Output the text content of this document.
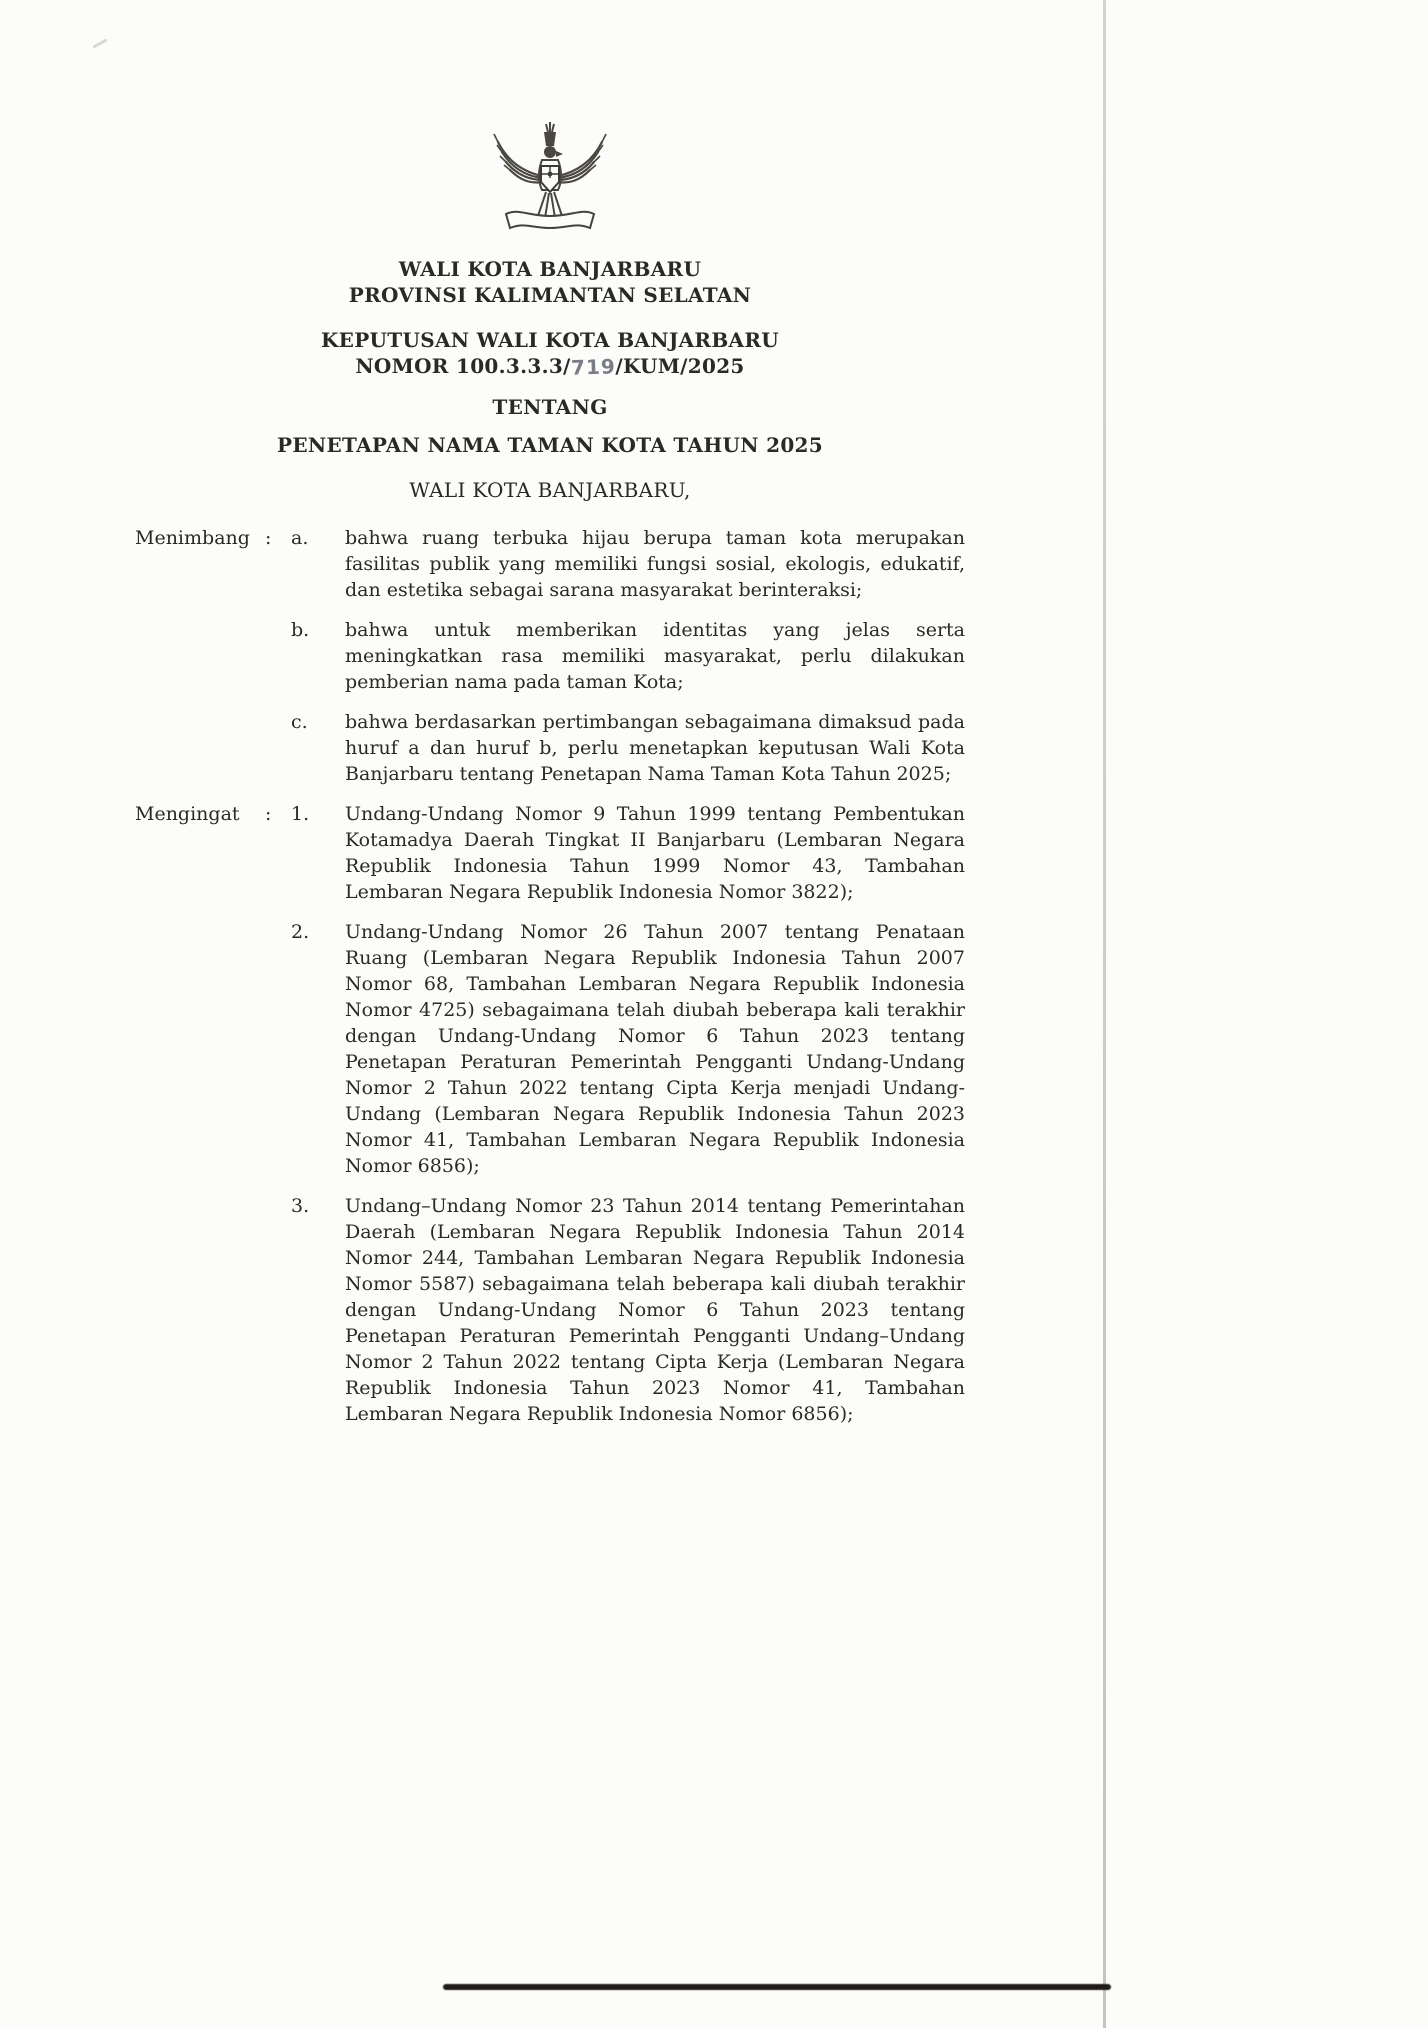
WALI KOTA BANJARBARU
PROVINSI KALIMANTAN SELATAN
KEPUTUSAN WALI KOTA BANJARBARU
NOMOR 100.3.3.3/719/KUM/2025
TENTANG
PENETAPAN NAMA TAMAN KOTA TAHUN 2025
WALI KOTA BANJARBARU,
Menimbang :	a.	bahwa ruang terbuka hijau berupa taman kota merupakan fasilitas publik yang memiliki fungsi sosial, ekologis, edukatif, dan estetika sebagai sarana masyarakat berinteraksi;
b.	bahwa untuk memberikan identitas yang jelas serta meningkatkan rasa memiliki masyarakat, perlu dilakukan pemberian nama pada taman Kota;
c.	bahwa berdasarkan pertimbangan sebagaimana dimaksud pada huruf a dan huruf b, perlu menetapkan keputusan Wali Kota Banjarbaru tentang Penetapan Nama Taman Kota Tahun 2025;
Mengingat	:	1.	Undang-Undang Nomor 9 Tahun 1999 tentang Pembentukan Kotamadya Daerah Tingkat II Banjarbaru (Lembaran Negara Republik Indonesia Tahun 1999 Nomor 43, Tambahan Lembaran Negara Republik Indonesia Nomor 3822);
2.	Undang-Undang Nomor 26 Tahun 2007 tentang Penataan Ruang (Lembaran Negara Republik Indonesia Tahun 2007 Nomor 68, Tambahan Lembaran Negara Republik Indonesia Nomor 4725) sebagaimana telah diubah beberapa kali terakhir dengan Undang-Undang Nomor 6 Tahun 2023 tentang Penetapan Peraturan Pemerintah Pengganti Undang-Undang Nomor 2 Tahun 2022 tentang Cipta Kerja menjadi Undang-Undang (Lembaran Negara Republik Indonesia Tahun 2023 Nomor 41, Tambahan Lembaran Negara Republik Indonesia Nomor 6856);
3.	Undang–Undang Nomor 23 Tahun 2014 tentang Pemerintahan Daerah (Lembaran Negara Republik Indonesia Tahun 2014 Nomor 244, Tambahan Lembaran Negara Republik Indonesia Nomor 5587) sebagaimana telah beberapa kali diubah terakhir dengan Undang-Undang Nomor 6 Tahun 2023 tentang Penetapan Peraturan Pemerintah Pengganti Undang–Undang Nomor 2 Tahun 2022 tentang Cipta Kerja (Lembaran Negara Republik Indonesia Tahun 2023 Nomor 41, Tambahan Lembaran Negara Republik Indonesia Nomor 6856);
